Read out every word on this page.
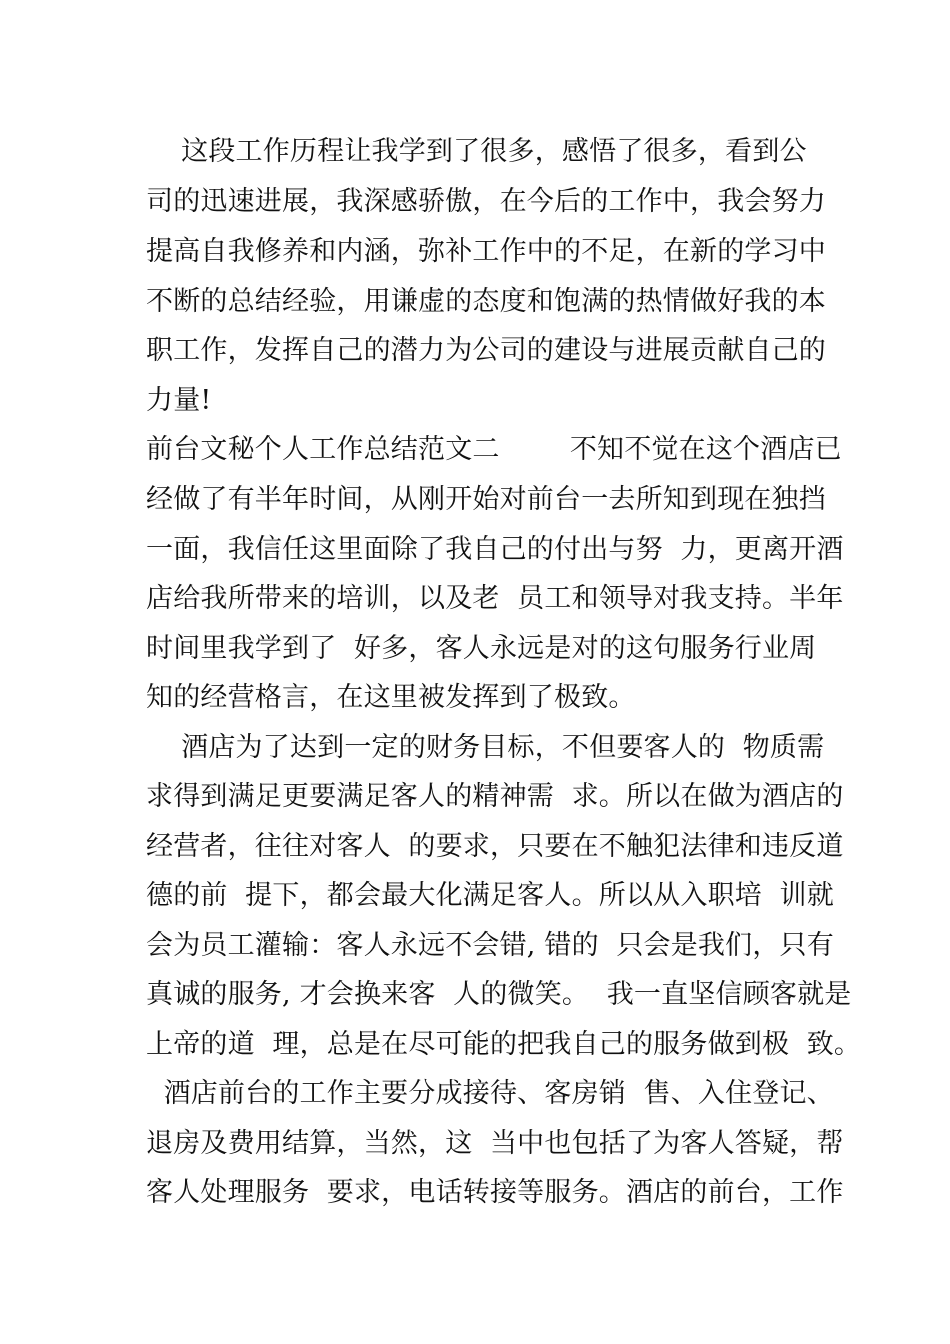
这段工作历程让我学到了很多，感悟了很多，看到公
司的迅速进展，我深感骄傲，在今后的工作中，我会努力
提高自我修养和内涵，弥补工作中的不足，在新的学习中
不断的总结经验，用谦虚的态度和饱满的热情做好我的本
职工作，发挥自己的潜力为公司的建设与进展贡献自己的
力量!
前台文秘个人工作总结范文二        不知不觉在这个酒店已
经做了有半年时间，从刚开始对前台一去所知到现在独挡
一面，我信任这里面除了我自己的付出与努  力，更离开酒
店给我所带来的培训，以及老  员工和领导对我支持。半年
时间里我学到了  好多，客人永远是对的这句服务行业周
知的经营格言，在这里被发挥到了极致。
酒店为了达到一定的财务目标，不但要客人的  物质需
求得到满足更要满足客人的精神需  求。所以在做为酒店的
经营者，往往对客人  的要求，只要在不触犯法律和违反道
德的前  提下，都会最大化满足客人。所以从入职培  训就
会为员工灌输：客人永远不会错, 错的  只会是我们，只有
真诚的服务, 才会换来客  人的微笑。  我一直坚信顾客就是
上帝的道  理，总是在尽可能的把我自己的服务做到极  致。
酒店前台的工作主要分成接待、客房销  售、入住登记、
退房及费用结算，当然，这  当中也包括了为客人答疑，帮
客人处理服务  要求，电话转接等服务。酒店的前台，工作
